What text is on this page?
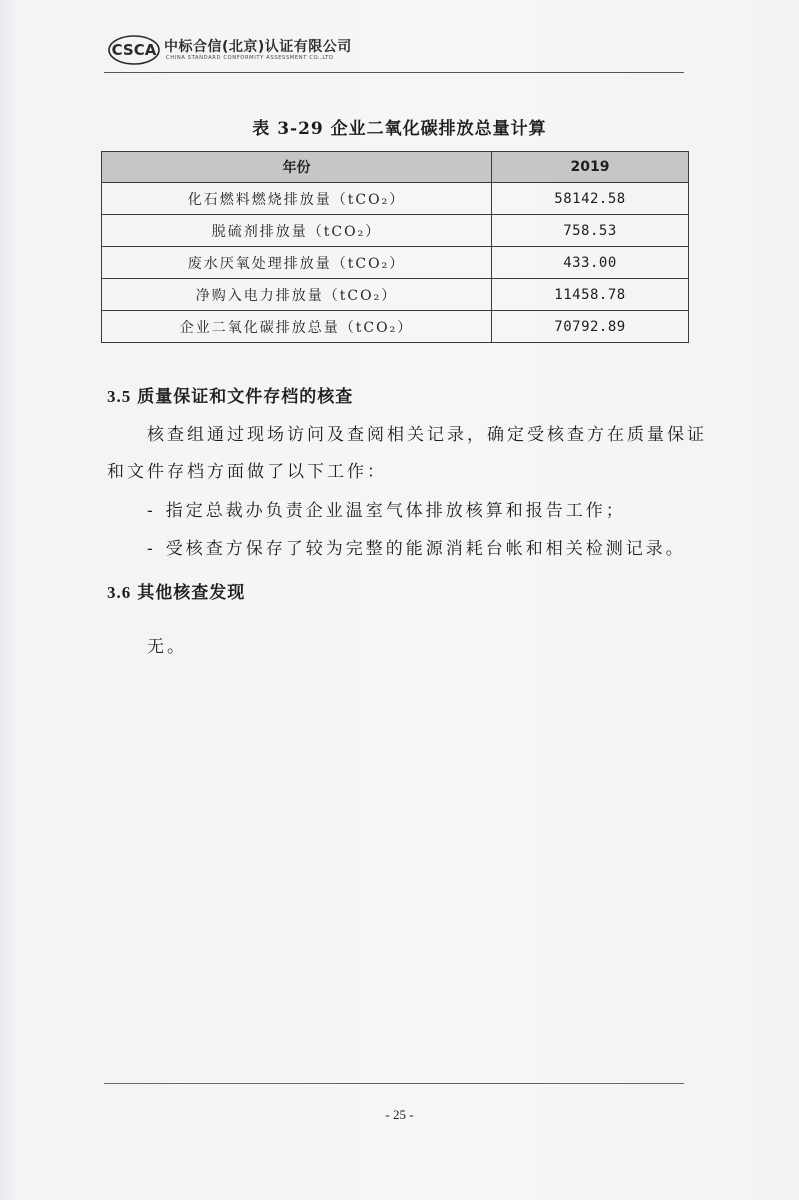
CSCA 中标合信(北京)认证有限公司
CHINA STANDARD CONFORMITY ASSESSMENT CO.,LTD
表 3-29 企业二氧化碳排放总量计算
年份	2019
化石燃料燃烧排放量（tCO₂）	58142.58
脱硫剂排放量（tCO₂）	758.53
废水厌氧处理排放量（tCO₂）	433.00
净购入电力排放量（tCO₂）	11458.78
企业二氧化碳排放总量（tCO₂）	70792.89
3.5 质量保证和文件存档的核查
核查组通过现场访问及查阅相关记录，确定受核查方在质量保证
和文件存档方面做了以下工作：
- 指定总裁办负责企业温室气体排放核算和报告工作；
- 受核查方保存了较为完整的能源消耗台帐和相关检测记录。
3.6 其他核查发现
无。
- 25 -
